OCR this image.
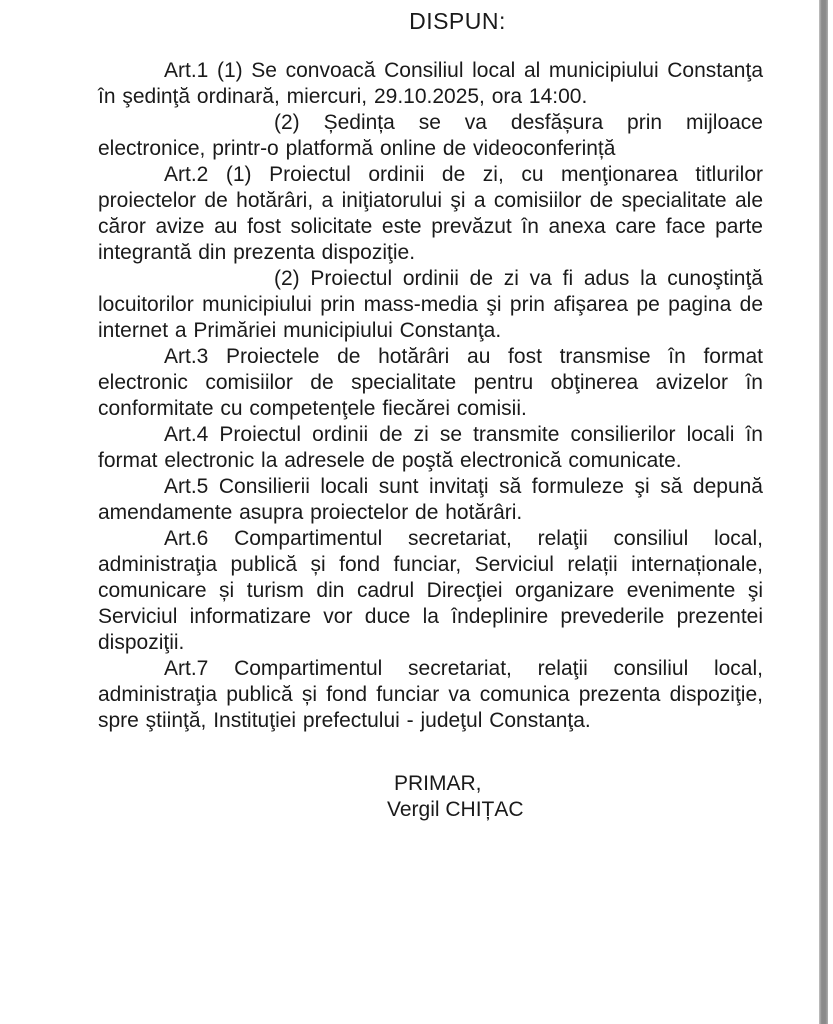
DISPUN:

Art.1 (1) Se convoacă Consiliul local al municipiului Constanţa în şedinţă ordinară, miercuri, 29.10.2025, ora 14:00.

(2) Ședința se va desfășura prin mijloace electronice, printr-o platformă online de videoconferință

Art.2 (1) Proiectul ordinii de zi, cu menţionarea titlurilor proiectelor de hotărâri, a iniţiatorului şi a comisiilor de specialitate ale căror avize au fost solicitate este prevăzut în anexa care face parte integrantă din prezenta dispoziţie.

(2) Proiectul ordinii de zi va fi adus la cunoştinţă locuitorilor municipiului prin mass-media şi prin afişarea pe pagina de internet a Primăriei municipiului Constanţa.

Art.3 Proiectele de hotărâri au fost transmise în format electronic comisiilor de specialitate pentru obţinerea avizelor în conformitate cu competenţele fiecărei comisii.

Art.4 Proiectul ordinii de zi se transmite consilierilor locali în format electronic la adresele de poştă electronică comunicate.

Art.5 Consilierii locali sunt invitaţi să formuleze şi să depună amendamente asupra proiectelor de hotărâri.

Art.6 Compartimentul secretariat, relaţii consiliul local, administraţia publică și fond funciar, Serviciul relații internaționale, comunicare și turism din cadrul Direcţiei organizare evenimente şi Serviciul informatizare vor duce la îndeplinire prevederile prezentei dispoziţii.

Art.7 Compartimentul secretariat, relaţii consiliul local, administraţia publică și fond funciar va comunica prezenta dispoziţie, spre ştiinţă, Instituţiei prefectului - judeţul Constanţa.

PRIMAR,
Vergil CHIȚAC
